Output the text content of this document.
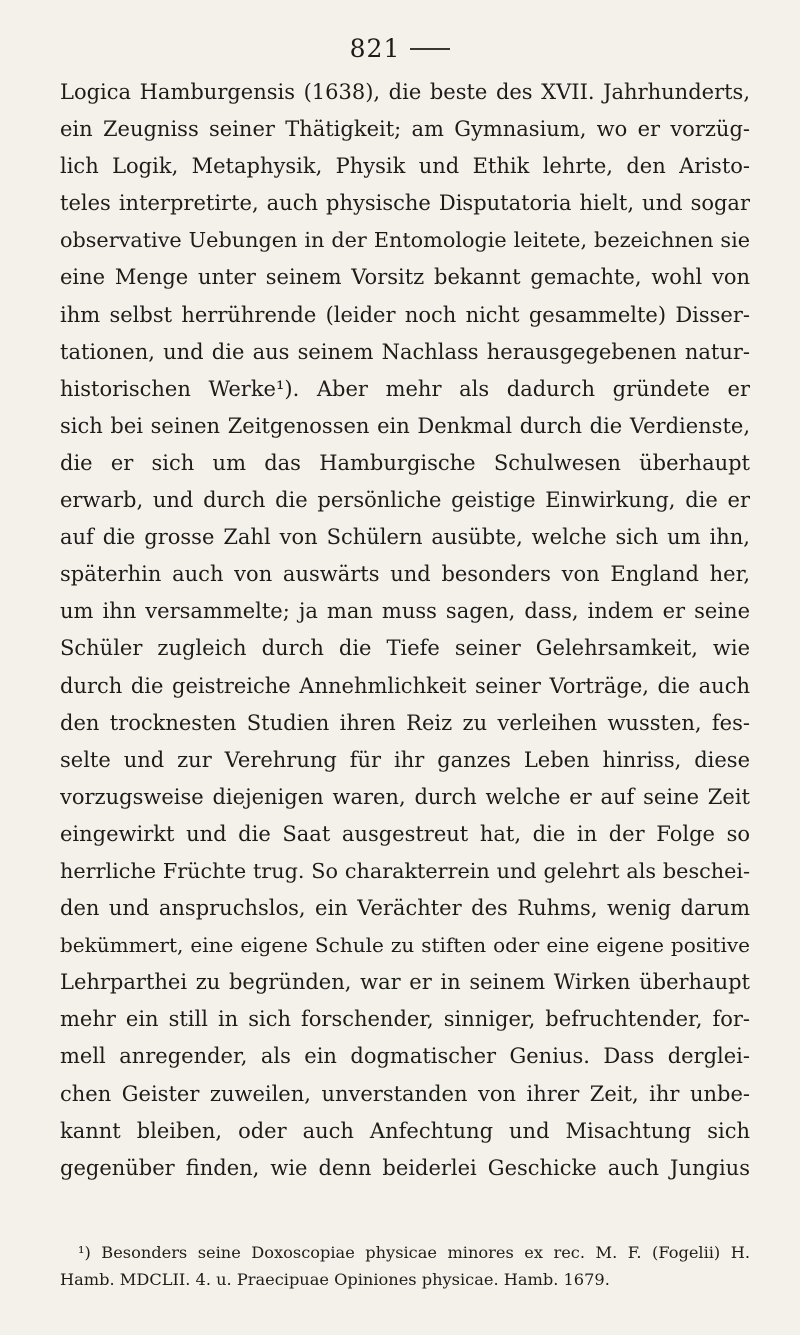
821
Logica Hamburgensis (1638), die beste des XVII. Jahrhunderts,
ein Zeugniss seiner Thätigkeit; am Gymnasium, wo er vorzüg-
lich Logik, Metaphysik, Physik und Ethik lehrte, den Aristo-
teles interpretirte, auch physische Disputatoria hielt, und sogar
observative Uebungen in der Entomologie leitete, bezeichnen sie
eine Menge unter seinem Vorsitz bekannt gemachte, wohl von
ihm selbst herrührende (leider noch nicht gesammelte) Disser-
tationen, und die aus seinem Nachlass herausgegebenen natur-
historischen Werke¹). Aber mehr als dadurch gründete er
sich bei seinen Zeitgenossen ein Denkmal durch die Verdienste,
die er sich um das Hamburgische Schulwesen überhaupt
erwarb, und durch die persönliche geistige Einwirkung, die er
auf die grosse Zahl von Schülern ausübte, welche sich um ihn,
späterhin auch von auswärts und besonders von England her,
um ihn versammelte; ja man muss sagen, dass, indem er seine
Schüler zugleich durch die Tiefe seiner Gelehrsamkeit, wie
durch die geistreiche Annehmlichkeit seiner Vorträge, die auch
den trocknesten Studien ihren Reiz zu verleihen wussten, fes-
selte und zur Verehrung für ihr ganzes Leben hinriss, diese
vorzugsweise diejenigen waren, durch welche er auf seine Zeit
eingewirkt und die Saat ausgestreut hat, die in der Folge so
herrliche Früchte trug. So charakterrein und gelehrt als beschei-
den und anspruchslos, ein Verächter des Ruhms, wenig darum
bekümmert, eine eigene Schule zu stiften oder eine eigene positive
Lehrparthei zu begründen, war er in seinem Wirken überhaupt
mehr ein still in sich forschender, sinniger, befruchtender, for-
mell anregender, als ein dogmatischer Genius. Dass derglei-
chen Geister zuweilen, unverstanden von ihrer Zeit, ihr unbe-
kannt bleiben, oder auch Anfechtung und Misachtung sich
gegenüber finden, wie denn beiderlei Geschicke auch Jungius
¹) Besonders seine Doxoscopiae physicae minores ex rec. M. F. (Fogelii) H.
Hamb. MDCLII. 4. u. Praecipuae Opiniones physicae. Hamb. 1679.
